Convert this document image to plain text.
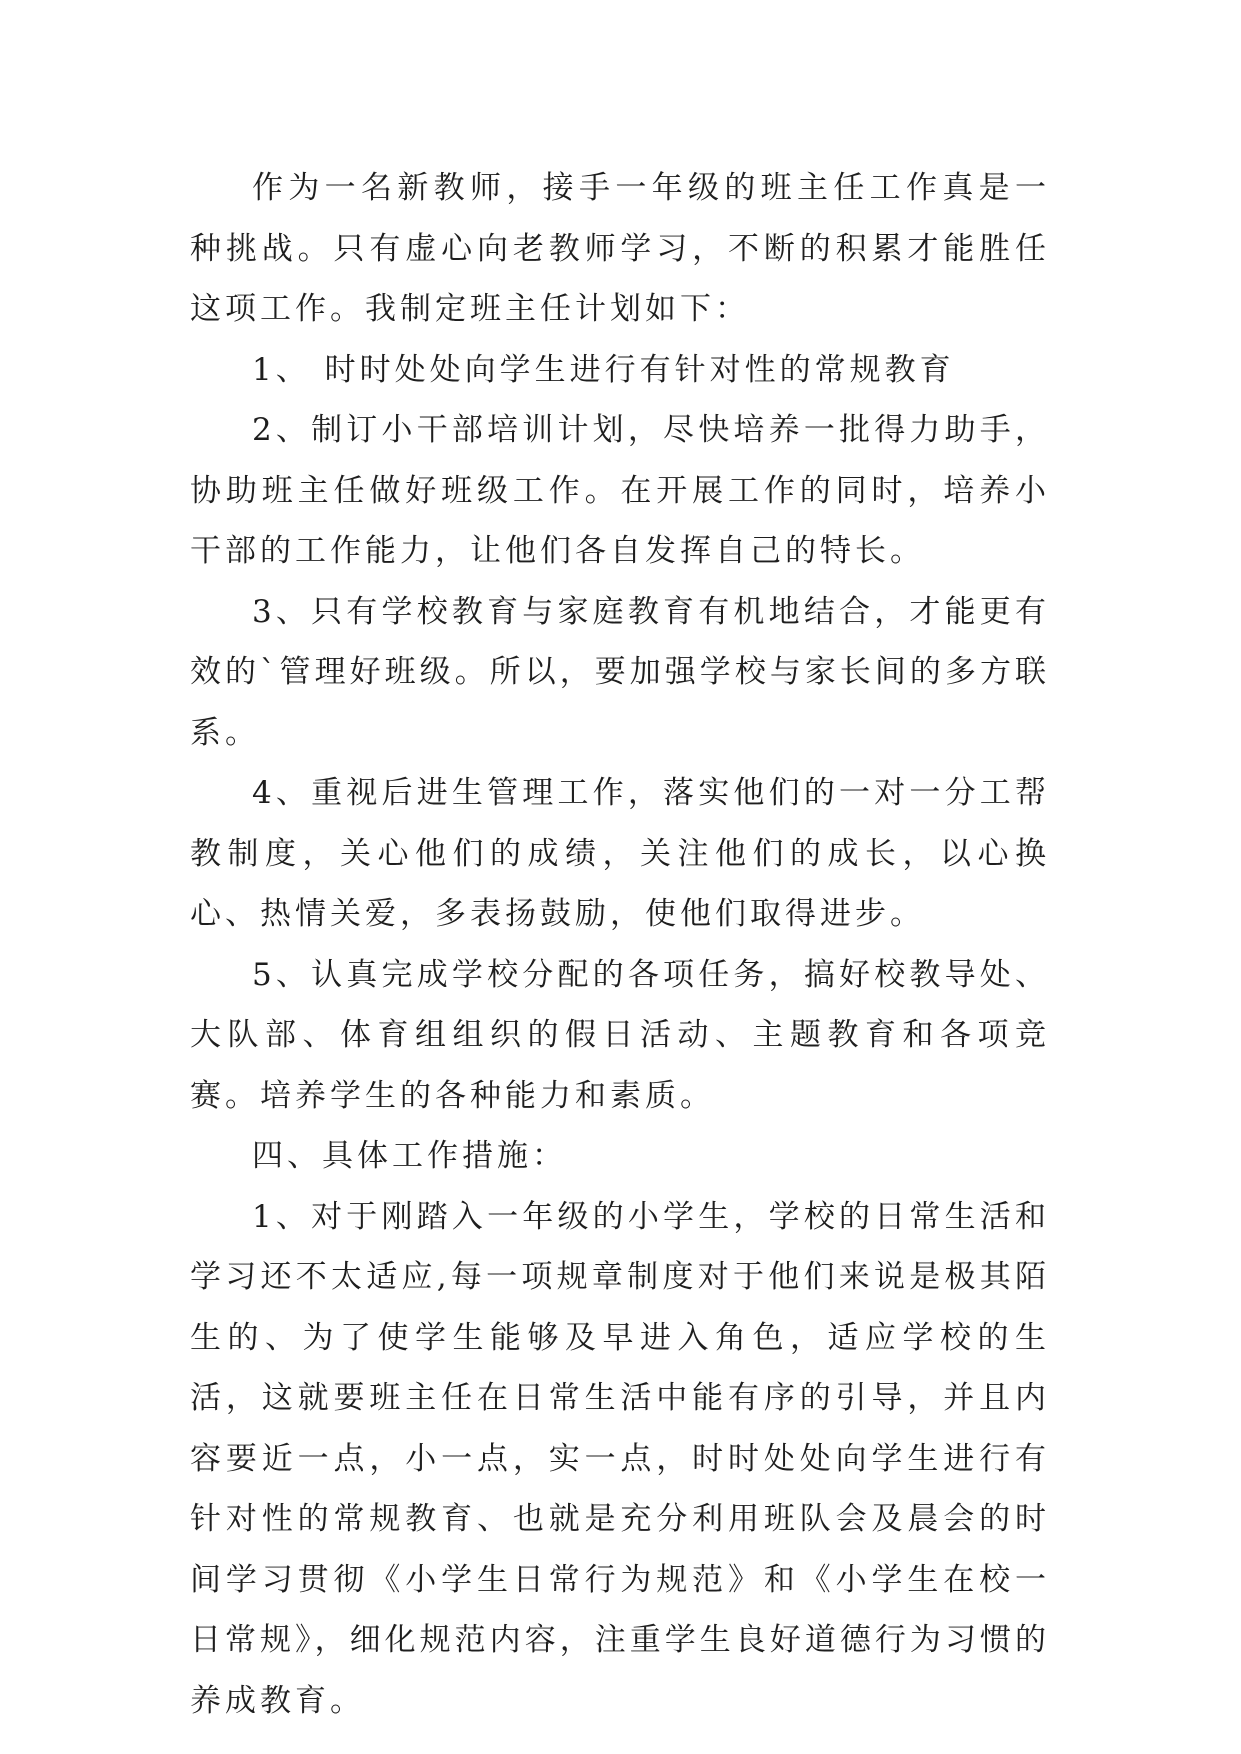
作为一名新教师，接手一年级的班主任工作真是一种挑战。只有虚心向老教师学习，不断的积累才能胜任这项工作。我制定班主任计划如下：

1、 时时处处向学生进行有针对性的常规教育

2、制订小干部培训计划，尽快培养一批得力助手，协助班主任做好班级工作。在开展工作的同时，培养小干部的工作能力，让他们各自发挥自己的特长。

3、只有学校教育与家庭教育有机地结合，才能更有效的`管理好班级。所以，要加强学校与家长间的多方联系。

4、重视后进生管理工作，落实他们的一对一分工帮教制度，关心他们的成绩，关注他们的成长，以心换心、热情关爱，多表扬鼓励，使他们取得进步。

5、认真完成学校分配的各项任务，搞好校教导处、大队部、体育组组织的假日活动、主题教育和各项竞赛。培养学生的各种能力和素质。

四、具体工作措施：

1、对于刚踏入一年级的小学生，学校的日常生活和学习还不太适应,每一项规章制度对于他们来说是极其陌生的、为了使学生能够及早进入角色，适应学校的生活，这就要班主任在日常生活中能有序的引导，并且内容要近一点，小一点，实一点，时时处处向学生进行有针对性的常规教育、也就是充分利用班队会及晨会的时间学习贯彻《小学生日常行为规范》和《小学生在校一日常规》，细化规范内容，注重学生良好道德行为习惯的养成教育。
